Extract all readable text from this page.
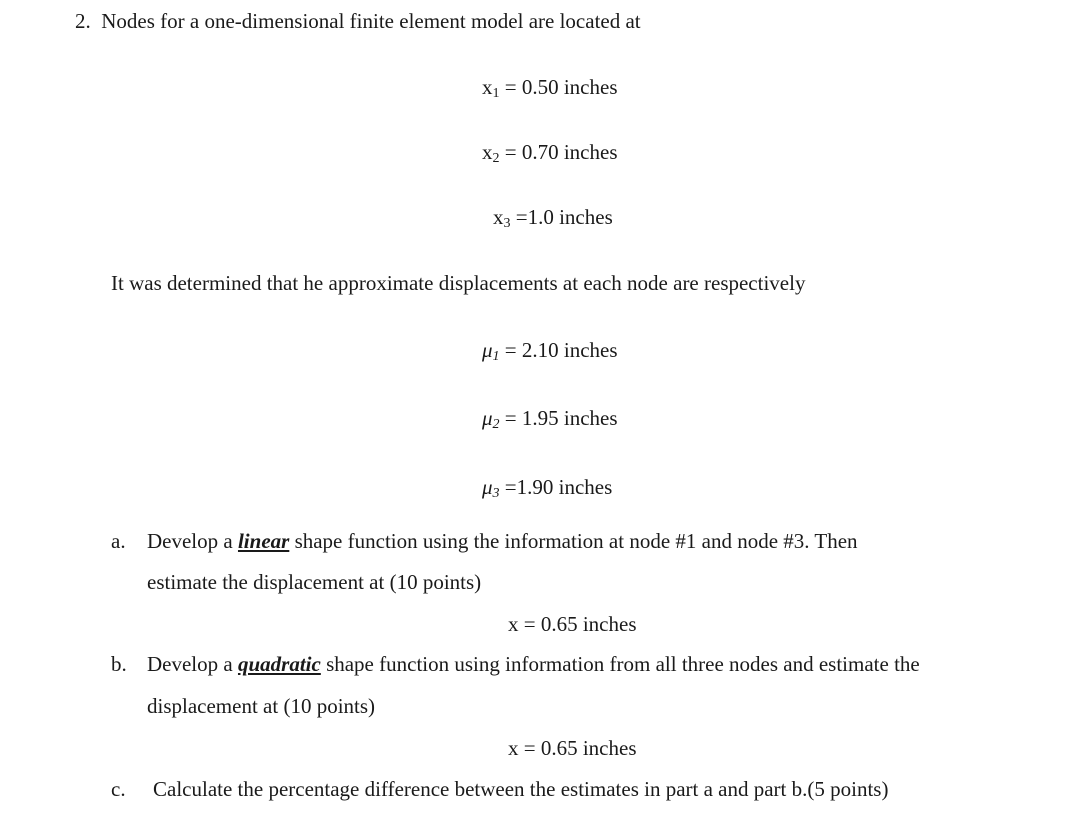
2. Nodes for a one-dimensional finite element model are located at
$x_1 = 0.50$ inches
$x_2 = 0.70$ inches
$x_3 =1.0$ inches
It was determined that he approximate displacements at each node are respectively
$\mu_1 = 2.10$ inches
$\mu_2 = 1.95$ inches
$\mu_3 =1.90$ inches
a. Develop a linear shape function using the information at node #1 and node #3. Then
estimate the displacement at (10 points)
x = 0.65 inches
b. Develop a quadratic shape function using information from all three nodes and estimate the
displacement at (10 points)
x = 0.65 inches
c. Calculate the percentage difference between the estimates in part a and part b.(5 points)
